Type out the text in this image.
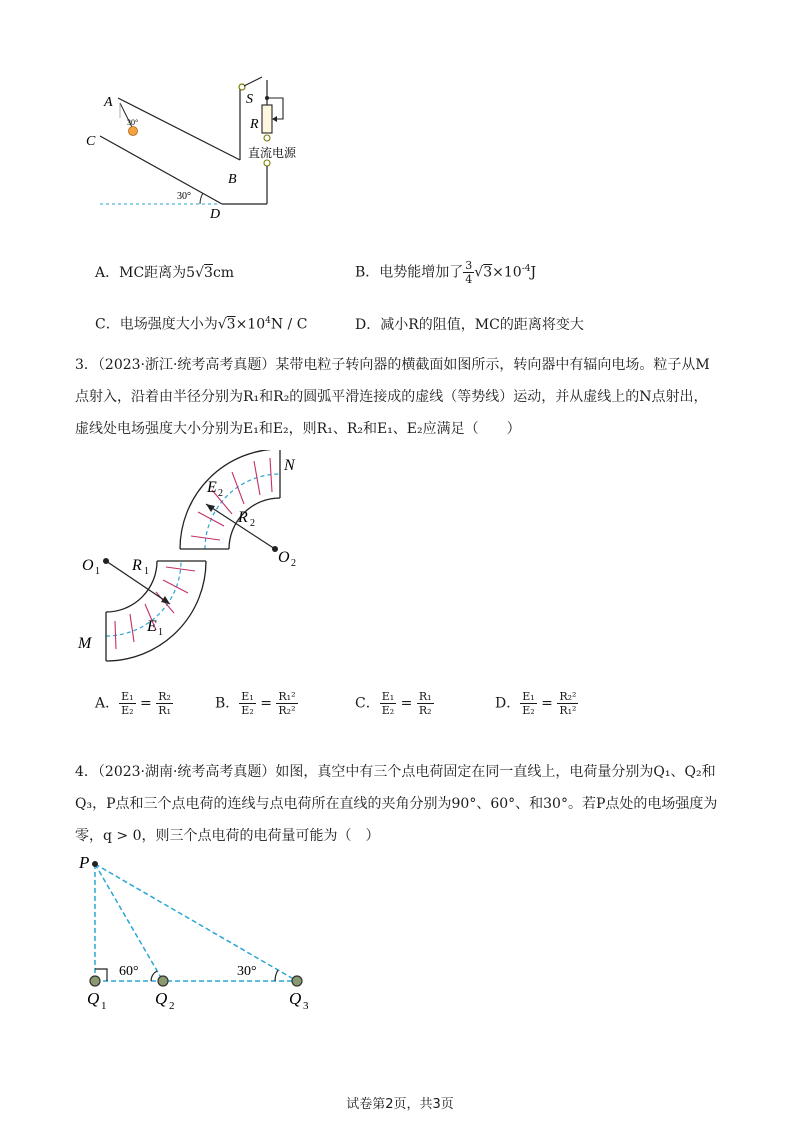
A
C
B
D
S
R
30°
30°
直流电源
A．MC距离为5√3cm	B．电势能增加了 $\frac{3}{4} √3\times 10^{-4}J$
C．电场强度大小为$√3\times 10^4N / C$	D．减小R的阻值，MC的距离将变大
3．（2023·浙江·统考高考真题）某带电粒子转向器的横截面如图所示，转向器中有辐向电场。粒子从M
点射入，沿着由半径分别为R₁和R₂的圆弧平滑连接成的虚线（等势线）运动，并从虚线上的N点射出，
虚线处电场强度大小分别为E₁和E₂，则R₁、R₂和E₁、E₂应满足（　　）
N
M
O 1
O 2
R 1
R 2
E 1
E 2
A． $\frac{\text{E₁}}{\text{E₂}} = \frac{\text{R₂}}{\text{R₁}}$	B． $\frac{\text{E₁}}{\text{E₂}} = \frac{\text{R₁²}}{\text{R₂²}}$	C． $\frac{\text{E₁}}{\text{E₂}} = \frac{\text{R₁}}{\text{R₂}}$	D． $\frac{\text{E₁}}{\text{E₂}} = \frac{\text{R₂²}}{\text{R₁²}}$
4．（2023·湖南·统考高考真题）如图，真空中有三个点电荷固定在同一直线上，电荷量分别为Q₁、Q₂和
Q₃，P点和三个点电荷的连线与点电荷所在直线的夹角分别为90°、60°、和30°。若P点处的电场强度为
零，q > 0，则三个点电荷的电荷量可能为（　）
P
60°	30°
Q 1	Q 2	Q 3
试卷第2页，共3页
